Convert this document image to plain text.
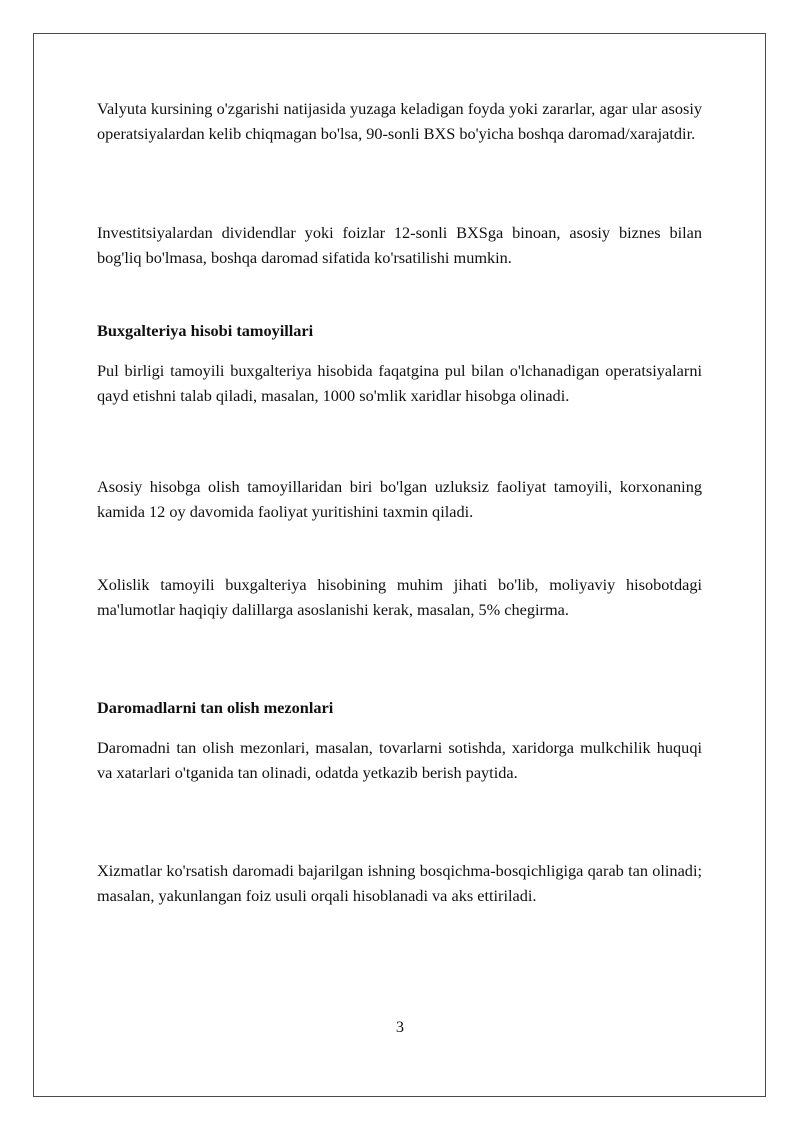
Valyuta kursining o'zgarishi natijasida yuzaga keladigan foyda yoki zararlar, agar ular asosiy operatsiyalardan kelib chiqmagan bo'lsa, 90-sonli BXS bo'yicha boshqa daromad/xarajatdir.

Investitsiyalardan dividendlar yoki foizlar 12-sonli BXSga binoan, asosiy biznes bilan bog'liq bo'lmasa, boshqa daromad sifatida ko'rsatilishi mumkin.

Buxgalteriya hisobi tamoyillari

Pul birligi tamoyili buxgalteriya hisobida faqatgina pul bilan o'lchanadigan operatsiyalarni qayd etishni talab qiladi, masalan, 1000 so'mlik xaridlar hisobga olinadi.

Asosiy hisobga olish tamoyillaridan biri bo'lgan uzluksiz faoliyat tamoyili, korxonaning kamida 12 oy davomida faoliyat yuritishini taxmin qiladi.

Xolislik tamoyili buxgalteriya hisobining muhim jihati bo'lib, moliyaviy hisobotdagi ma'lumotlar haqiqiy dalillarga asoslanishi kerak, masalan, 5% chegirma.

Daromadlarni tan olish mezonlari

Daromadni tan olish mezonlari, masalan, tovarlarni sotishda, xaridorga mulkchilik huquqi va xatarlari o'tganida tan olinadi, odatda yetkazib berish paytida.

Xizmatlar ko'rsatish daromadi bajarilgan ishning bosqichma-bosqichligiga qarab tan olinadi; masalan, yakunlangan foiz usuli orqali hisoblanadi va aks ettiriladi.

3
